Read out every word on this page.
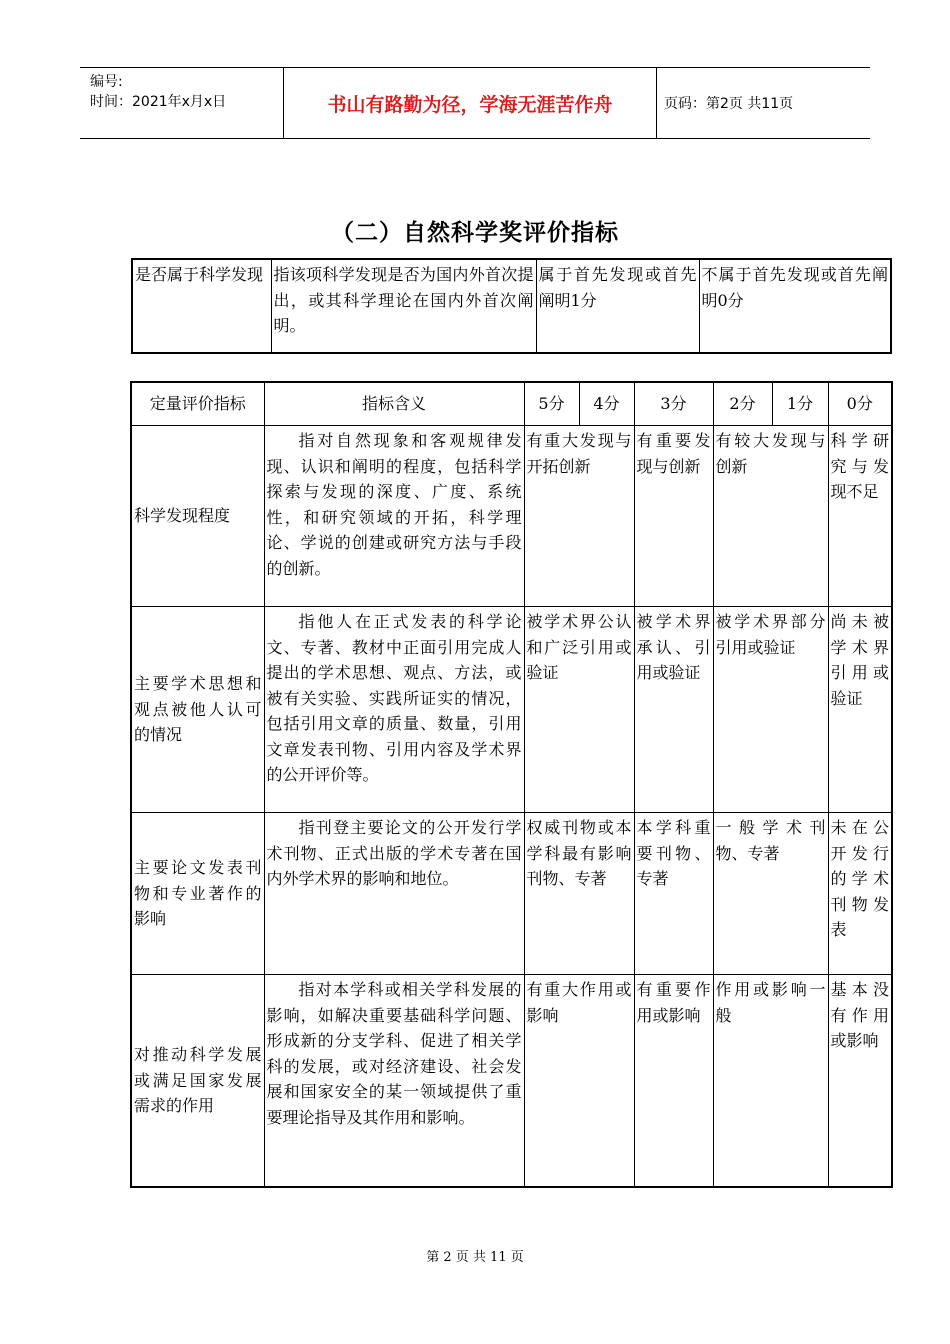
编号:
时间：2021年x月x日	书山有路勤为径，学海无涯苦作舟	页码：第2页 共11页
（二）自然科学奖评价指标
是否属于科学发现	指该项科学发现是否为国内外首次提出，或其科学理论在国内外首次阐明。	属于首先发现或首先阐明1分	不属于首先发现或首先阐明0分
定量评价指标	指标含义	5分	4分	3分	2分	1分	0分
科学发现程度	指对自然现象和客观规律发现、认识和阐明的程度，包括科学探索与发现的深度、广度、系统性，和研究领域的开拓，科学理论、学说的创建或研究方法与手段的创新。	有重大发现与开拓创新		有重要发现与创新	有较大发现与创新		科学研究与发现不足
主要学术思想和观点被他人认可的情况	指他人在正式发表的科学论文、专著、教材中正面引用完成人提出的学术思想、观点、方法，或被有关实验、实践所证实的情况，包括引用文章的质量、数量，引用文章发表刊物、引用内容及学术界的公开评价等。	被学术界公认和广泛引用或验证		被学术界承认、引用或验证	被学术界部分引用或验证		尚未被学术界引用或验证
主要论文发表刊物和专业著作的影响	指刊登主要论文的公开发行学术刊物、正式出版的学术专著在国内外学术界的影响和地位。	权威刊物或本学科最有影响刊物、专著		本学科重要刊物、专著	一般学术刊物、专著		未在公开发行的学术刊物发表
对推动科学发展或满足国家发展需求的作用	指对本学科或相关学科发展的影响，如解决重要基础科学问题、形成新的分支学科、促进了相关学科的发展，或对经济建设、社会发展和国家安全的某一领域提供了重要理论指导及其作用和影响。	有重大作用或影响		有重要作用或影响	作用或影响一般		基本没有作用或影响
第 2 页 共 11 页
